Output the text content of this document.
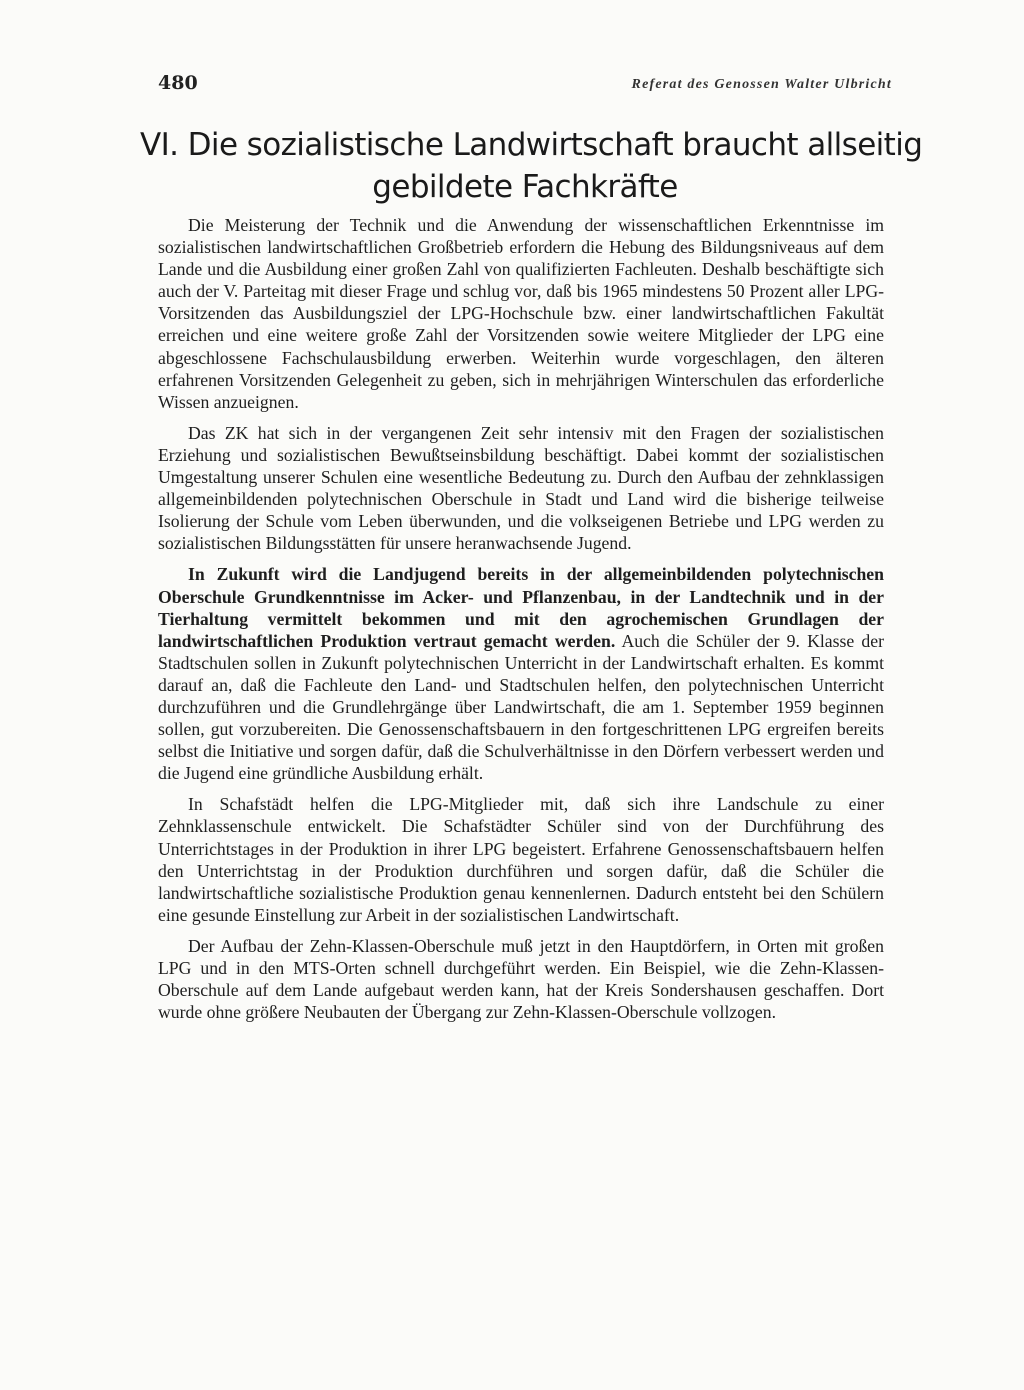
480	Referat des Genossen Walter Ulbricht
VI. Die sozialistische Landwirtschaft braucht allseitig
gebildete Fachkräfte

Die Meisterung der Technik und die Anwendung der wissenschaftlichen Erkenntnisse im sozialistischen landwirtschaftlichen Großbetrieb erfordern die Hebung des Bildungsniveaus auf dem Lande und die Ausbildung einer großen Zahl von qualifizierten Fachleuten. Deshalb beschäftigte sich auch der V. Parteitag mit dieser Frage und schlug vor, daß bis 1965 mindestens 50 Prozent aller LPG-Vorsitzenden das Ausbildungsziel der LPG-Hochschule bzw. einer landwirtschaftlichen Fakultät erreichen und eine weitere große Zahl der Vorsitzenden sowie weitere Mitglieder der LPG eine abgeschlossene Fachschulausbildung erwerben. Weiterhin wurde vorgeschlagen, den älteren erfahrenen Vorsitzenden Gelegenheit zu geben, sich in mehrjährigen Winterschulen das erforderliche Wissen anzueignen.

Das ZK hat sich in der vergangenen Zeit sehr intensiv mit den Fragen der sozialistischen Erziehung und sozialistischen Bewußtseinsbildung beschäftigt. Dabei kommt der sozialistischen Umgestaltung unserer Schulen eine wesentliche Bedeutung zu. Durch den Aufbau der zehnklassigen allgemeinbildenden polytechnischen Oberschule in Stadt und Land wird die bisherige teilweise Isolierung der Schule vom Leben überwunden, und die volkseigenen Betriebe und LPG werden zu sozialistischen Bildungsstätten für unsere heranwachsende Jugend.

In Zukunft wird die Landjugend bereits in der allgemeinbildenden polytechnischen Oberschule Grundkenntnisse im Acker- und Pflanzenbau, in der Landtechnik und in der Tierhaltung vermittelt bekommen und mit den agrochemischen Grundlagen der landwirtschaftlichen Produktion vertraut gemacht werden. Auch die Schüler der 9. Klasse der Stadtschulen sollen in Zukunft polytechnischen Unterricht in der Landwirtschaft erhalten. Es kommt darauf an, daß die Fachleute den Land- und Stadtschulen helfen, den polytechnischen Unterricht durchzuführen und die Grundlehrgänge über Landwirtschaft, die am 1. September 1959 beginnen sollen, gut vorzubereiten. Die Genossenschaftsbauern in den fortgeschrittenen LPG ergreifen bereits selbst die Initiative und sorgen dafür, daß die Schulverhältnisse in den Dörfern verbessert werden und die Jugend eine gründliche Ausbildung erhält.

In Schafstädt helfen die LPG-Mitglieder mit, daß sich ihre Landschule zu einer Zehnklassenschule entwickelt. Die Schafstädter Schüler sind von der Durchführung des Unterrichtstages in der Produktion in ihrer LPG begeistert. Erfahrene Genossenschaftsbauern helfen den Unterrichtstag in der Produktion durchführen und sorgen dafür, daß die Schüler die landwirtschaftliche sozialistische Produktion genau kennenlernen. Dadurch entsteht bei den Schülern eine gesunde Einstellung zur Arbeit in der sozialistischen Landwirtschaft.

Der Aufbau der Zehn-Klassen-Oberschule muß jetzt in den Hauptdörfern, in Orten mit großen LPG und in den MTS-Orten schnell durchgeführt werden. Ein Beispiel, wie die Zehn-Klassen-Oberschule auf dem Lande aufgebaut werden kann, hat der Kreis Sondershausen geschaffen. Dort wurde ohne größere Neubauten der Übergang zur Zehn-Klassen-Oberschule vollzogen.
